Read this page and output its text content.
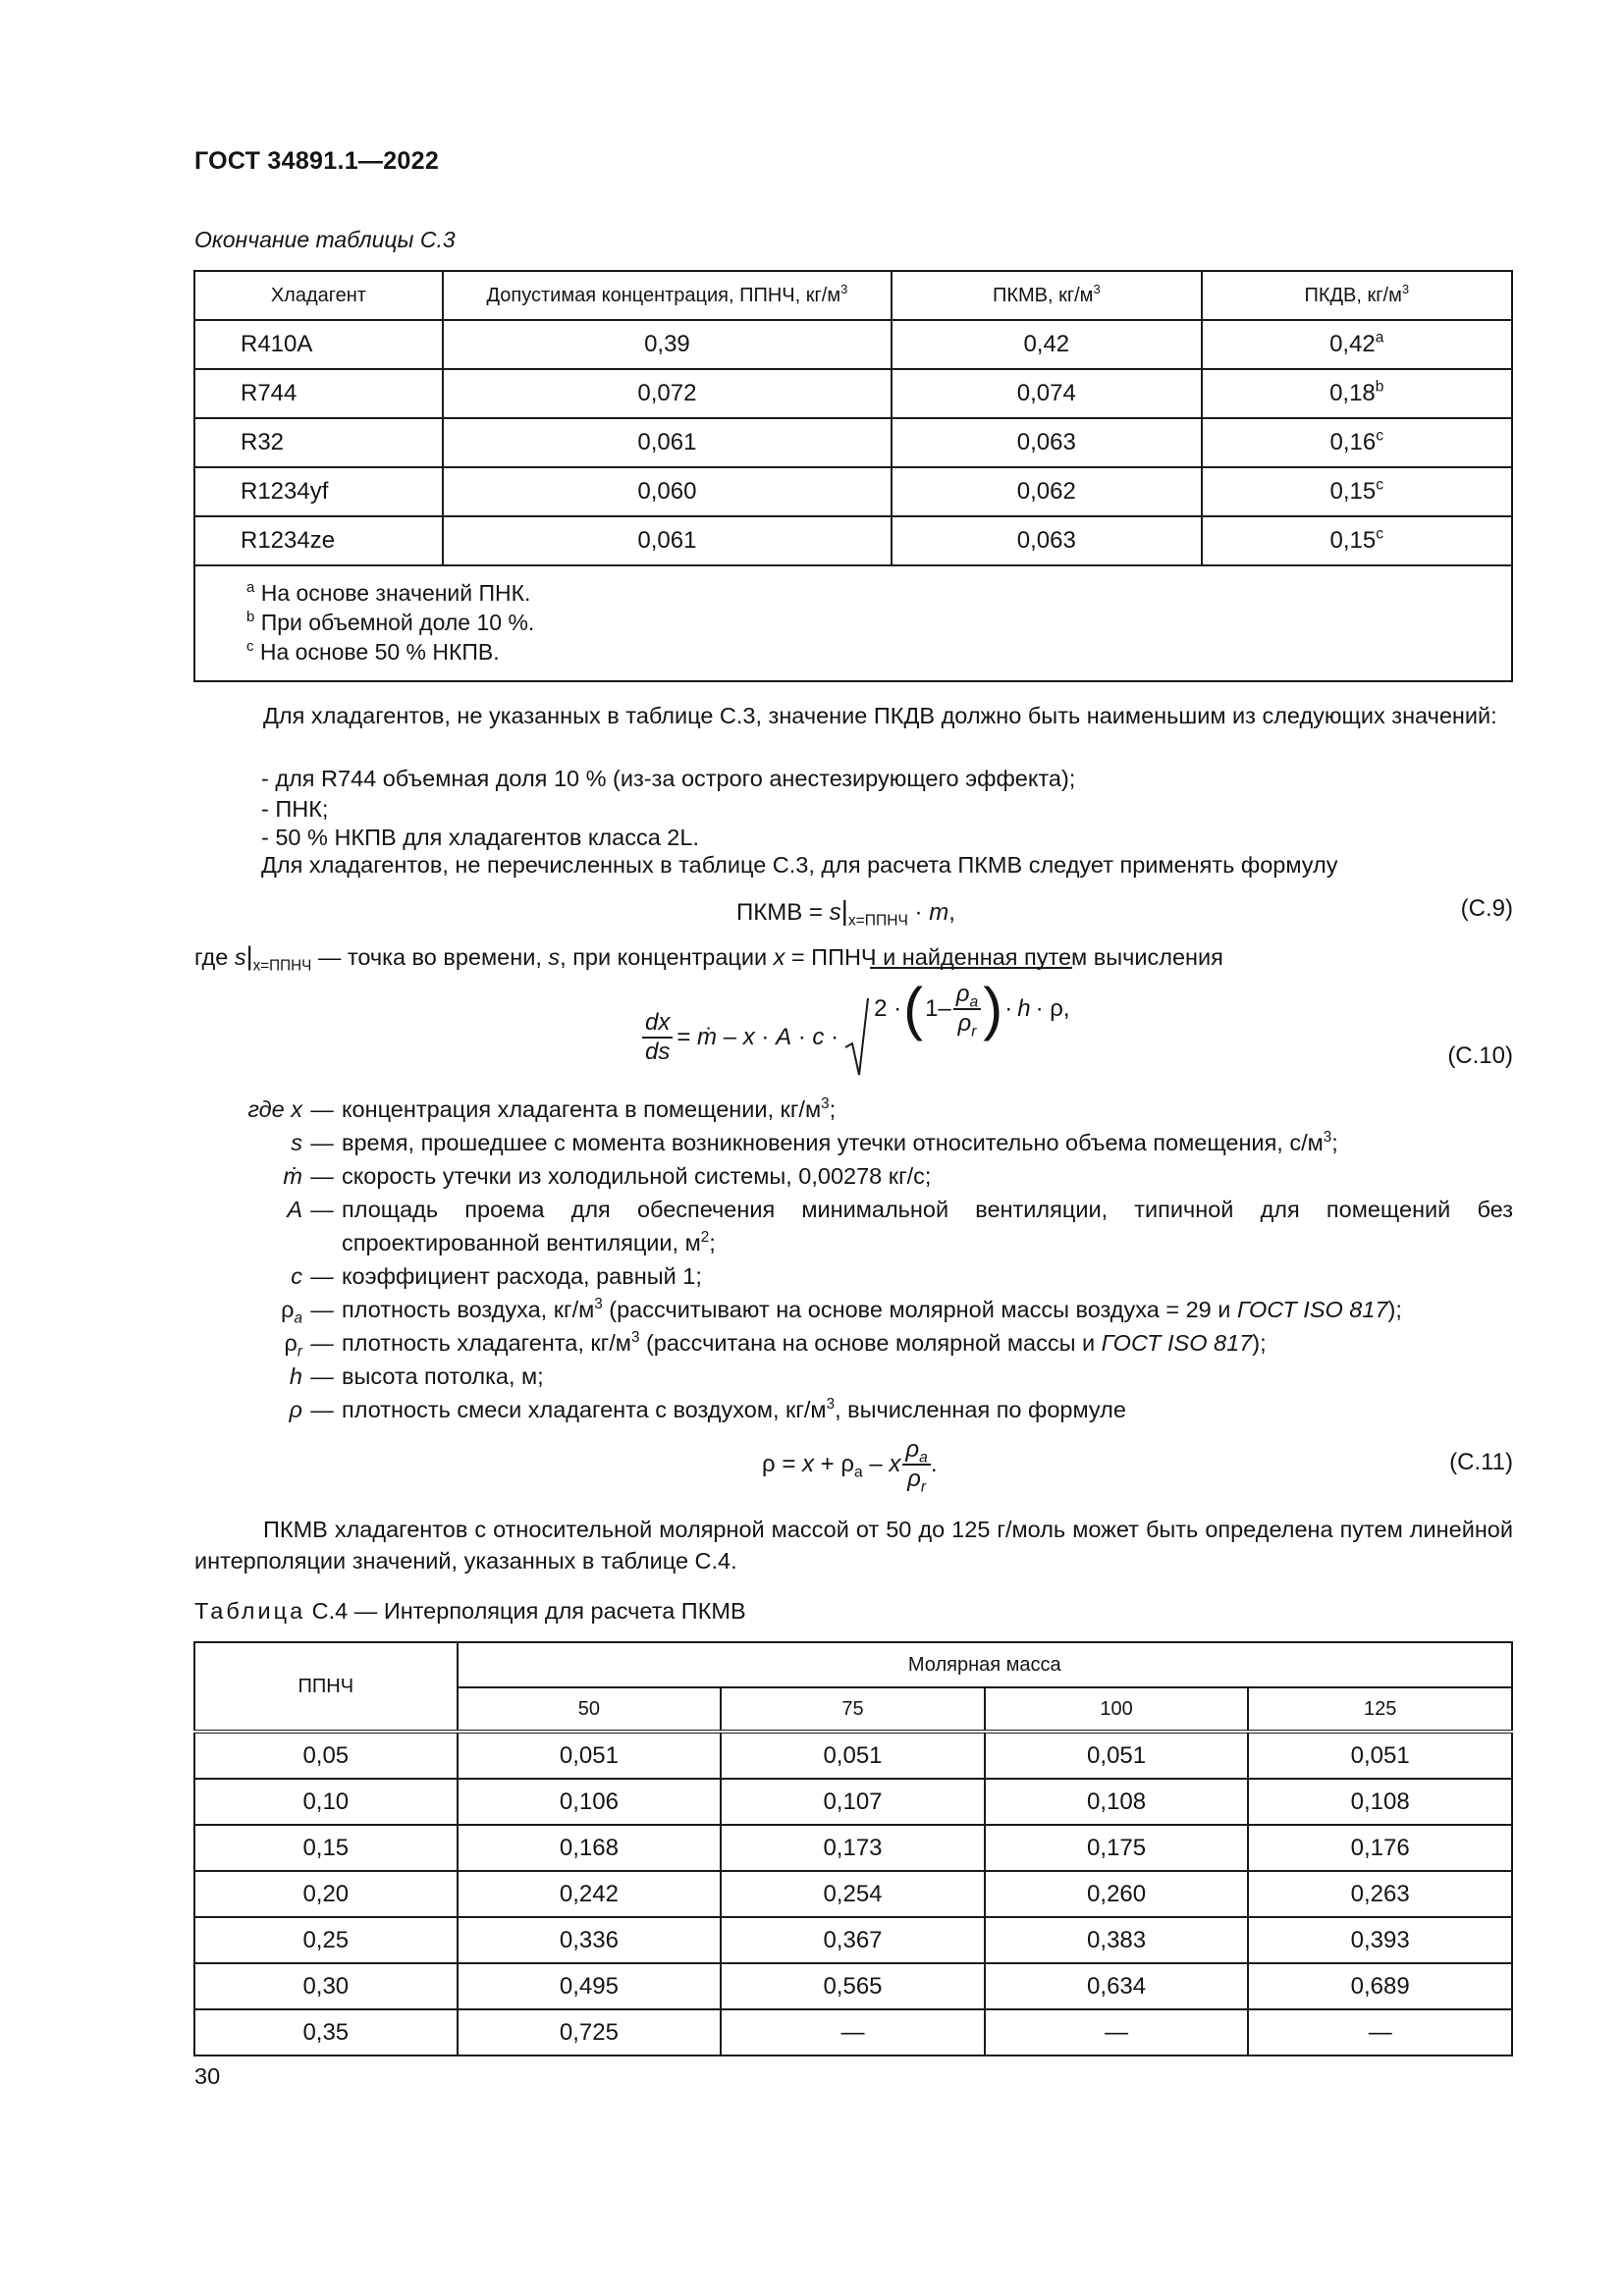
ГОСТ 34891.1—2022
Окончание таблицы С.3
Хладагент	Допустимая концентрация, ППНЧ, $кг/м^3$	ПКМВ, $кг/м^3$	ПКДВ, $кг/м^3$
R410A	0,39	0,42	0,42$^a$
R744	0,072	0,074	0,18$^b$
R32	0,061	0,063	0,16$^c$
R1234yf	0,060	0,062	0,15$^c$
R1234ze	0,061	0,063	0,15$^c$

$^a$ На основе значений ПНК.
$^b$ При объемной доле 10 %.
$^c$ На основе 50 % НКПВ.			
Для хладагентов, не указанных в таблице С.3, значение ПКДВ должно быть наименьшим из следующих значений:
- для R744 объемная доля 10 % (из-за острого анестезирующего эффекта);
- ПНК;
- 50 % НКПВ для хладагентов класса 2L.
Для хладагентов, не перечисленных в таблице С.3, для расчета ПКМВ следует применять формулу
ПКМВ = $s|_{x=ППНЧ} \cdot m$,	(С.9)
где $s|_{x=ППНЧ}$ — точка во времени, s, при концентрации x = ППНЧ и найденная путем вычисления
$\frac{dx}{ds}$ = ṁ – x · A · c ·
2 · ( $1- \frac{\rho_a}{\rho_r}$ ) · h · ρ,
(С.10)
где x — концентрация хладагента в помещении, $кг/м^3$;
s — время, прошедшее с момента возникновения утечки относительно объема помещения, $с/м^3$;
ṁ — скорость утечки из холодильной системы, 0,00278 кг/с;
A — площадь проема для обеспечения минимальной вентиляции, типичной для помещений без спроектированной вентиляции, $м^2$;
c — коэффициент расхода, равный 1;
$\rho_a$ — плотность воздуха, $кг/м^3$ (рассчитывают на основе молярной массы воздуха = 29 и ГОСТ ISO 817);
$\rho_r$ — плотность хладагента, $кг/м^3$ (рассчитана на основе молярной массы и ГОСТ ISO 817);
h — высота потолка, м;
ρ — плотность смеси хладагента с воздухом, $кг/м^3$, вычисленная по формуле
$\rho = x + \rho_a - x \frac{\rho_a}{\rho_r}$ .	(С.11)
ПКМВ хладагентов с относительной молярной массой от 50 до 125 г/моль может быть определена путем линейной интерполяции значений, указанных в таблице С.4.
Таблица С.4 — Интерполяция для расчета ПКМВ
ППНЧ	Молярная масса			
	50	75	100	125
0,05	0,051	0,051	0,051	0,051
0,10	0,106	0,107	0,108	0,108
0,15	0,168	0,173	0,175	0,176
0,20	0,242	0,254	0,260	0,263
0,25	0,336	0,367	0,383	0,393
0,30	0,495	0,565	0,634	0,689
0,35	0,725	—	—	—
30
